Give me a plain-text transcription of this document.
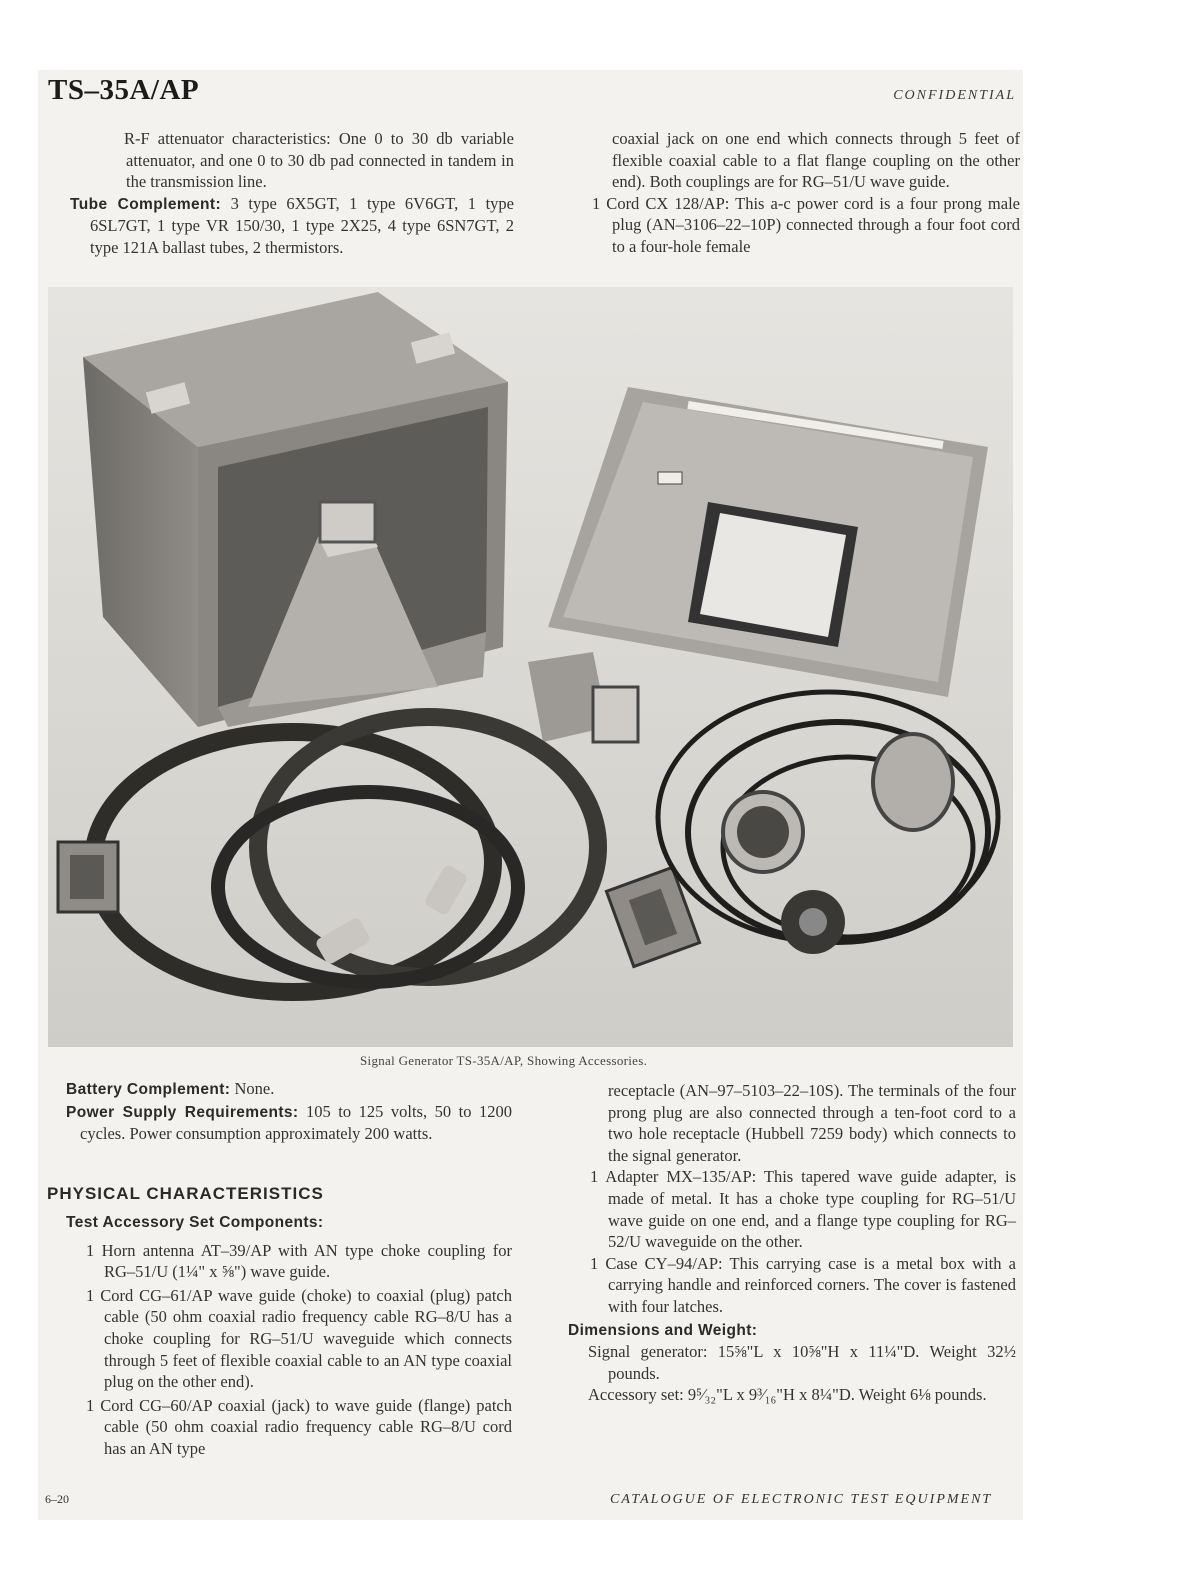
TS–35A/AP	CONFIDENTIAL

R-F attenuator characteristics: One 0 to 30 db variable attenuator, and one 0 to 30 db pad connected in tandem in the transmission line.

Tube Complement: 3 type 6X5GT, 1 type 6V6GT, 1 type 6SL7GT, 1 type VR 150/30, 1 type 2X25, 4 type 6SN7GT, 2 type 121A ballast tubes, 2 thermistors.

coaxial jack on one end which connects through 5 feet of flexible coaxial cable to a flat flange coupling on the other end). Both couplings are for RG–51/U wave guide.

1 Cord CX 128/AP: This a-c power cord is a four prong male plug (AN–3106–22–10P) connected through a four foot cord to a four-hole female

Signal Generator TS-35A/AP, Showing Accessories.

Battery Complement: None.

Power Supply Requirements: 105 to 125 volts, 50 to 1200 cycles. Power consumption approximately 200 watts.

PHYSICAL CHARACTERISTICS

Test Accessory Set Components:

1 Horn antenna AT–39/AP with AN type choke coupling for RG–51/U (1¼" x ⅝") wave guide.

1 Cord CG–61/AP wave guide (choke) to coaxial (plug) patch cable (50 ohm coaxial radio frequency cable RG–8/U has a choke coupling for RG–51/U waveguide which connects through 5 feet of flexible coaxial cable to an AN type coaxial plug on the other end).

1 Cord CG–60/AP coaxial (jack) to wave guide (flange) patch cable (50 ohm coaxial radio frequency cable RG–8/U cord has an AN type

receptacle (AN–97–5103–22–10S). The terminals of the four prong plug are also connected through a ten-foot cord to a two hole receptacle (Hubbell 7259 body) which connects to the signal generator.

1 Adapter MX–135/AP: This tapered wave guide adapter, is made of metal. It has a choke type coupling for RG–51/U wave guide on one end, and a flange type coupling for RG–52/U waveguide on the other.

1 Case CY–94/AP: This carrying case is a metal box with a carrying handle and reinforced corners. The cover is fastened with four latches.

Dimensions and Weight:

Signal generator: 15⅝"L x 10⅝"H x 11¼"D. Weight 32½ pounds.

Accessory set: 9⁵⁄₃₂"L x 9³⁄₁₆"H x 8¼"D. Weight 6⅛ pounds.

6–20	CATALOGUE OF ELECTRONIC TEST EQUIPMENT
